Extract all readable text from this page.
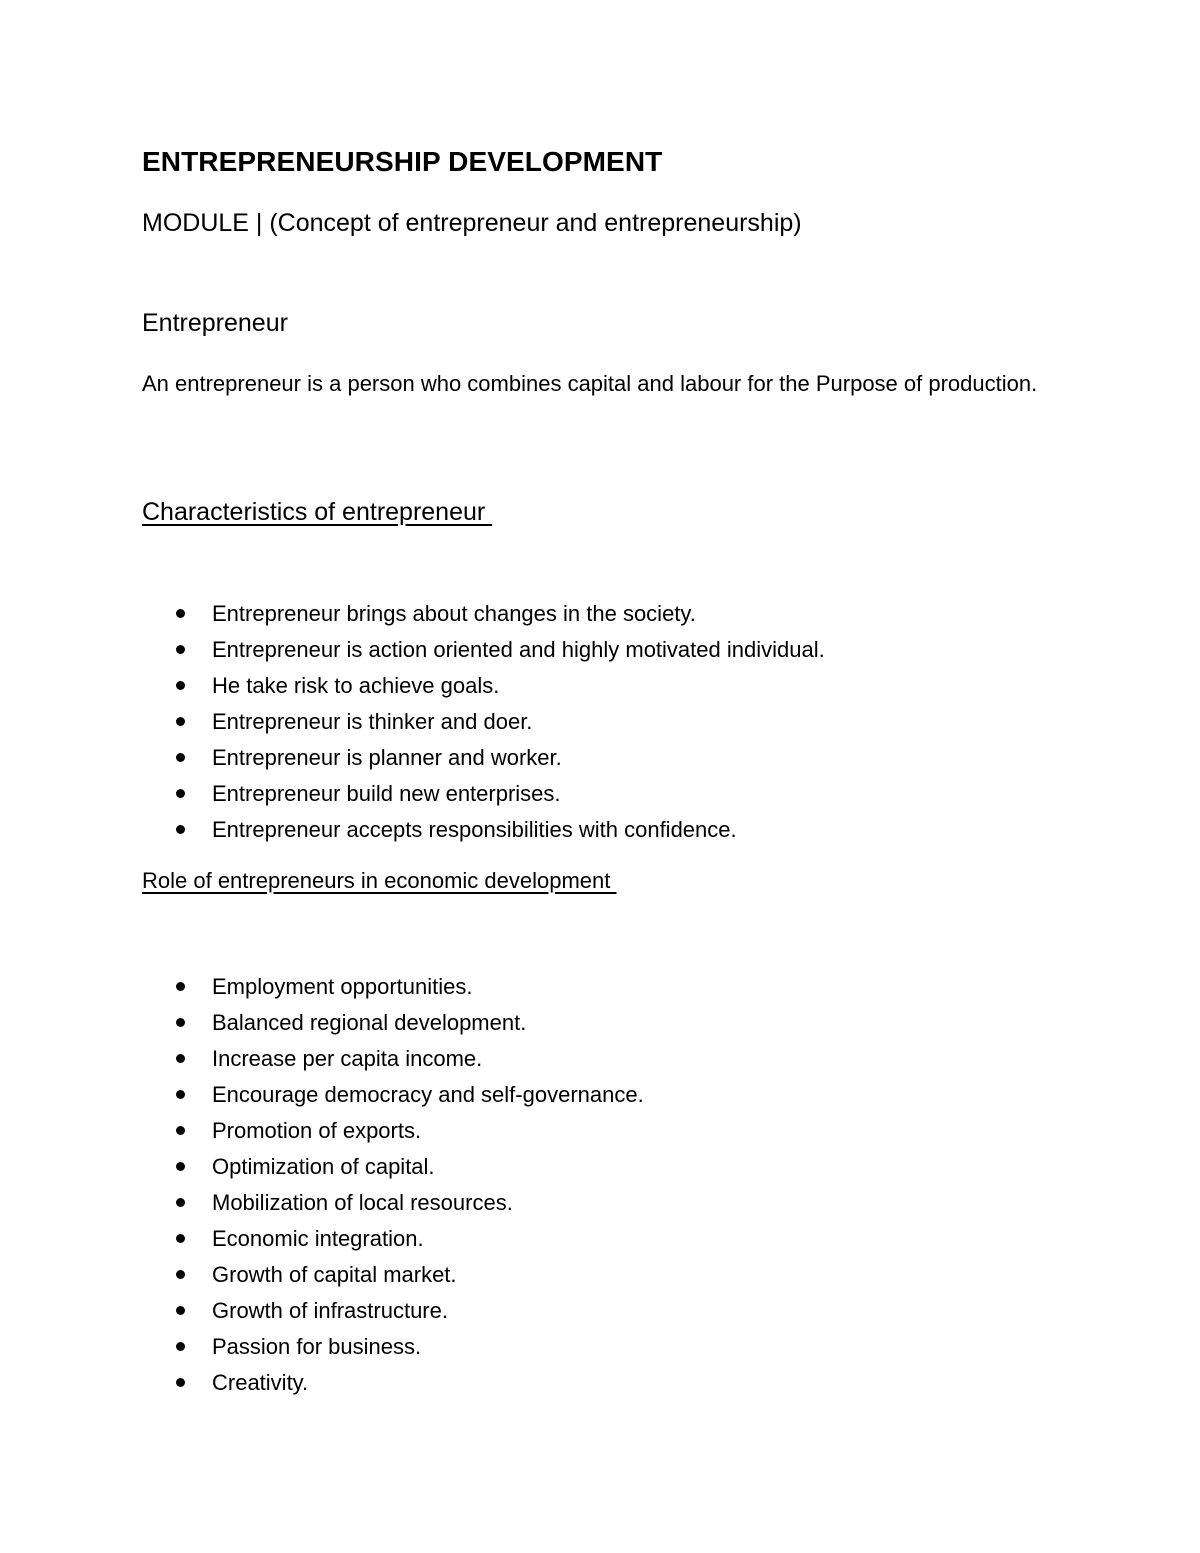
ENTREPRENEURSHIP DEVELOPMENT
MODULE | (Concept of entrepreneur and entrepreneurship)
Entrepreneur

An entrepreneur is a person who combines capital and labour for the Purpose of production.

Characteristics of entrepreneur
Entrepreneur brings about changes in the society.
Entrepreneur is action oriented and highly motivated individual.
He take risk to achieve goals.
Entrepreneur is thinker and doer.
Entrepreneur is planner and worker.
Entrepreneur build new enterprises.
Entrepreneur accepts responsibilities with confidence.
Role of entrepreneurs in economic development
Employment opportunities.
Balanced regional development.
Increase per capita income.
Encourage democracy and self-governance.
Promotion of exports.
Optimization of capital.
Mobilization of local resources.
Economic integration.
Growth of capital market.
Growth of infrastructure.
Passion for business.
Creativity.
